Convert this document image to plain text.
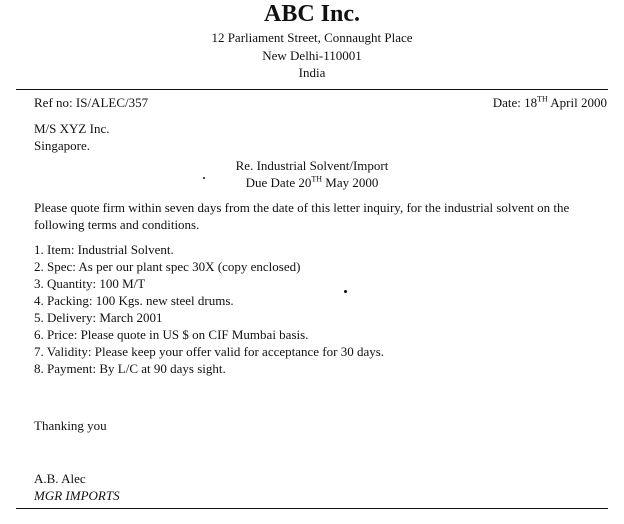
ABC Inc.
12 Parliament Street, Connaught Place
New Delhi-110001
India
Ref no: IS/ALEC/357	Date: 18TH April 2000
M/S XYZ Inc.
Singapore.
Re. Industrial Solvent/Import
Due Date 20TH May 2000
Please quote firm within seven days from the date of this letter inquiry, for the industrial solvent on the following terms and conditions.
1. Item: Industrial Solvent.
2. Spec: As per our plant spec 30X (copy enclosed)
3. Quantity: 100 M/T
4. Packing: 100 Kgs. new steel drums.
5. Delivery: March 2001
6. Price: Please quote in US $ on CIF Mumbai basis.
7. Validity: Please keep your offer valid for acceptance for 30 days.
8. Payment: By L/C at 90 days sight.
Thanking you
A.B. Alec
MGR IMPORTS
